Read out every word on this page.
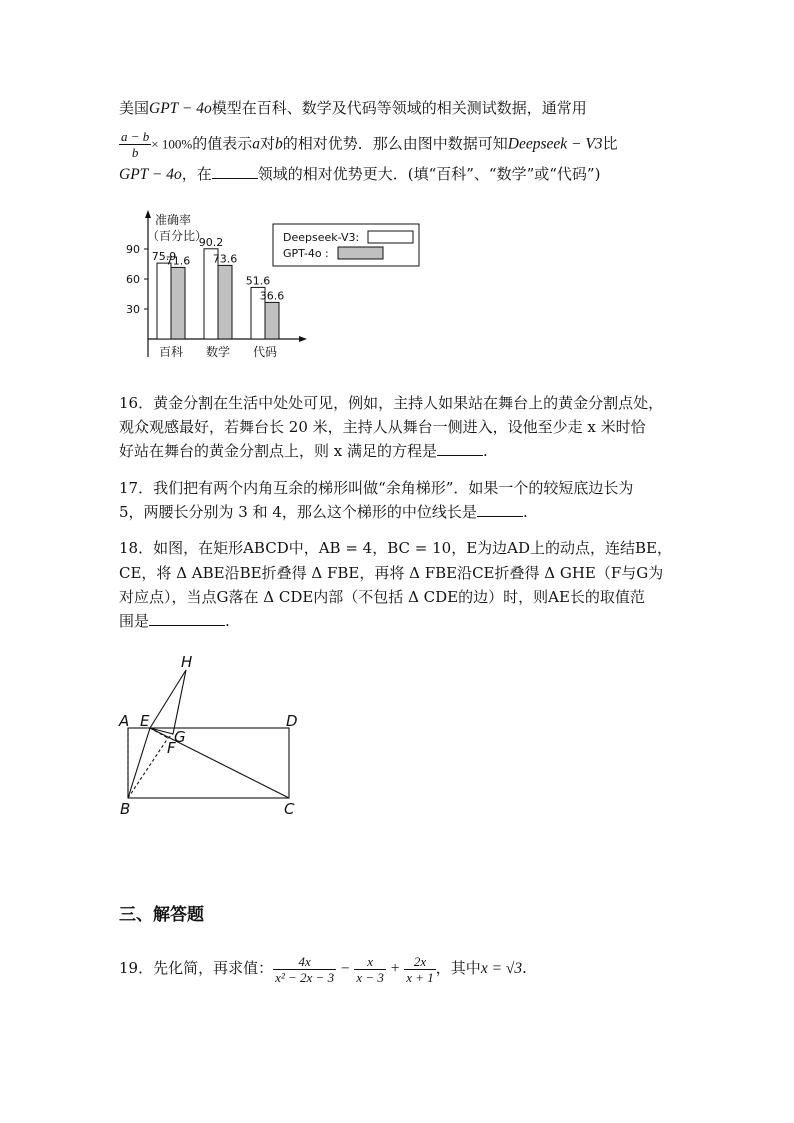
美国GPT − 4o模型在百科、数学及代码等领域的相关测试数据，通常用
$\frac{a - b}{b} \times 100\%$的值表示a对b的相对优势．那么由图中数据可知Deepseek − V3比
GPT − 4o，在	领域的相对优势更大．(填“百科”、“数学”或“代码”)
准确率
（百分比）	Deepseek-V3:
GPT-4o :
90
60
30
75.9
71.6
百科
90.2
73.6
数学
51.6
36.6
代码
16．黄金分割在生活中处处可见，例如，主持人如果站在舞台上的黄金分割点处，
观众观感最好，若舞台长 20 米，主持人从舞台一侧进入，设他至少走 x 米时恰
好站在舞台的黄金分割点上，则 x 满足的方程是	.
17．我们把有两个内角互余的梯形叫做“余角梯形”．如果一个的较短底边长为
5，两腰长分别为 3 和 4，那么这个梯形的中位线长是	.
18．如图，在矩形ABCD中，AB = 4，BC = 10，E为边AD上的动点，连结BE，
CE，将 Δ ABE沿BE折叠得 Δ FBE，再将 Δ FBE沿CE折叠得 Δ GHE（F与G为
对应点），当点G落在 Δ CDE内部（不包括 Δ CDE的边）时，则AE长的取值范
围是	.
H
A E
G
D
F
B	C
三、解答题
19．先化简，再求值： $\frac{4x}{\text{x² − 2x − 3}} - \frac{x}{x - 3} + \frac{2x}{x + 1}$ ，其中x = √3.
